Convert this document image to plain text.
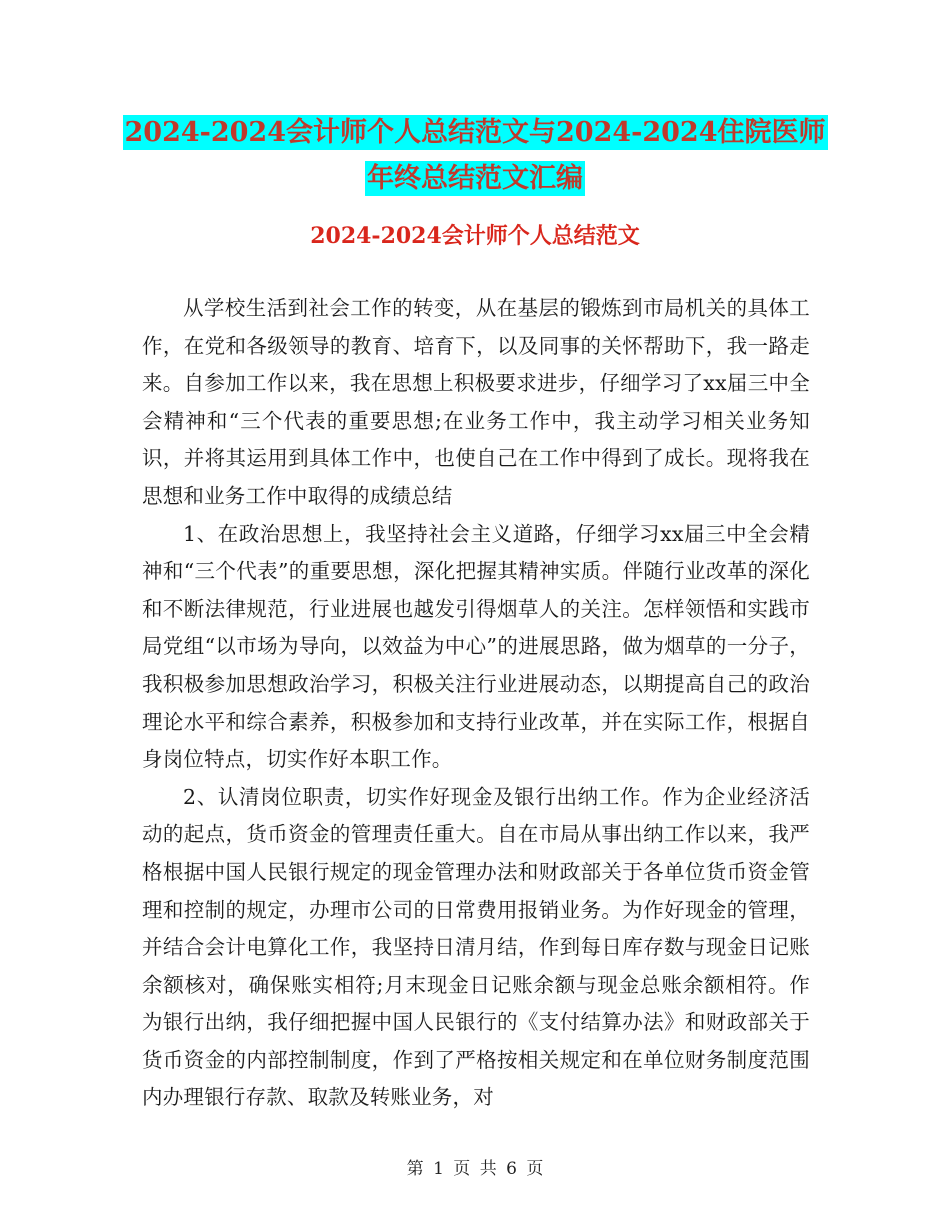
2024-2024会计师个人总结范文与2024-2024住院医师
年终总结范文汇编
2024-2024会计师个人总结范文

从学校生活到社会工作的转变，从在基层的锻炼到市局机关的具体工作，在党和各级领导的教育、培育下，以及同事的关怀帮助下，我一路走来。自参加工作以来，我在思想上积极要求进步，仔细学习了xx届三中全会精神和“三个代表的重要思想;在业务工作中，我主动学习相关业务知识，并将其运用到具体工作中，也使自己在工作中得到了成长。现将我在思想和业务工作中取得的成绩总结

1、在政治思想上，我坚持社会主义道路，仔细学习xx届三中全会精神和“三个代表”的重要思想，深化把握其精神实质。伴随行业改革的深化和不断法律规范，行业进展也越发引得烟草人的关注。怎样领悟和实践市局党组“以市场为导向，以效益为中心”的进展思路，做为烟草的一分子，我积极参加思想政治学习，积极关注行业进展动态，以期提高自己的政治理论水平和综合素养，积极参加和支持行业改革，并在实际工作，根据自身岗位特点，切实作好本职工作。

2、认清岗位职责，切实作好现金及银行出纳工作。作为企业经济活动的起点，货币资金的管理责任重大。自在市局从事出纳工作以来，我严格根据中国人民银行规定的现金管理办法和财政部关于各单位货币资金管理和控制的规定，办理市公司的日常费用报销业务。为作好现金的管理，并结合会计电算化工作，我坚持日清月结，作到每日库存数与现金日记账余额核对，确保账实相符;月末现金日记账余额与现金总账余额相符。作为银行出纳，我仔细把握中国人民银行的《支付结算办法》和财政部关于货币资金的内部控制制度，作到了严格按相关规定和在单位财务制度范围内办理银行存款、取款及转账业务，对

第 1 页 共 6 页
